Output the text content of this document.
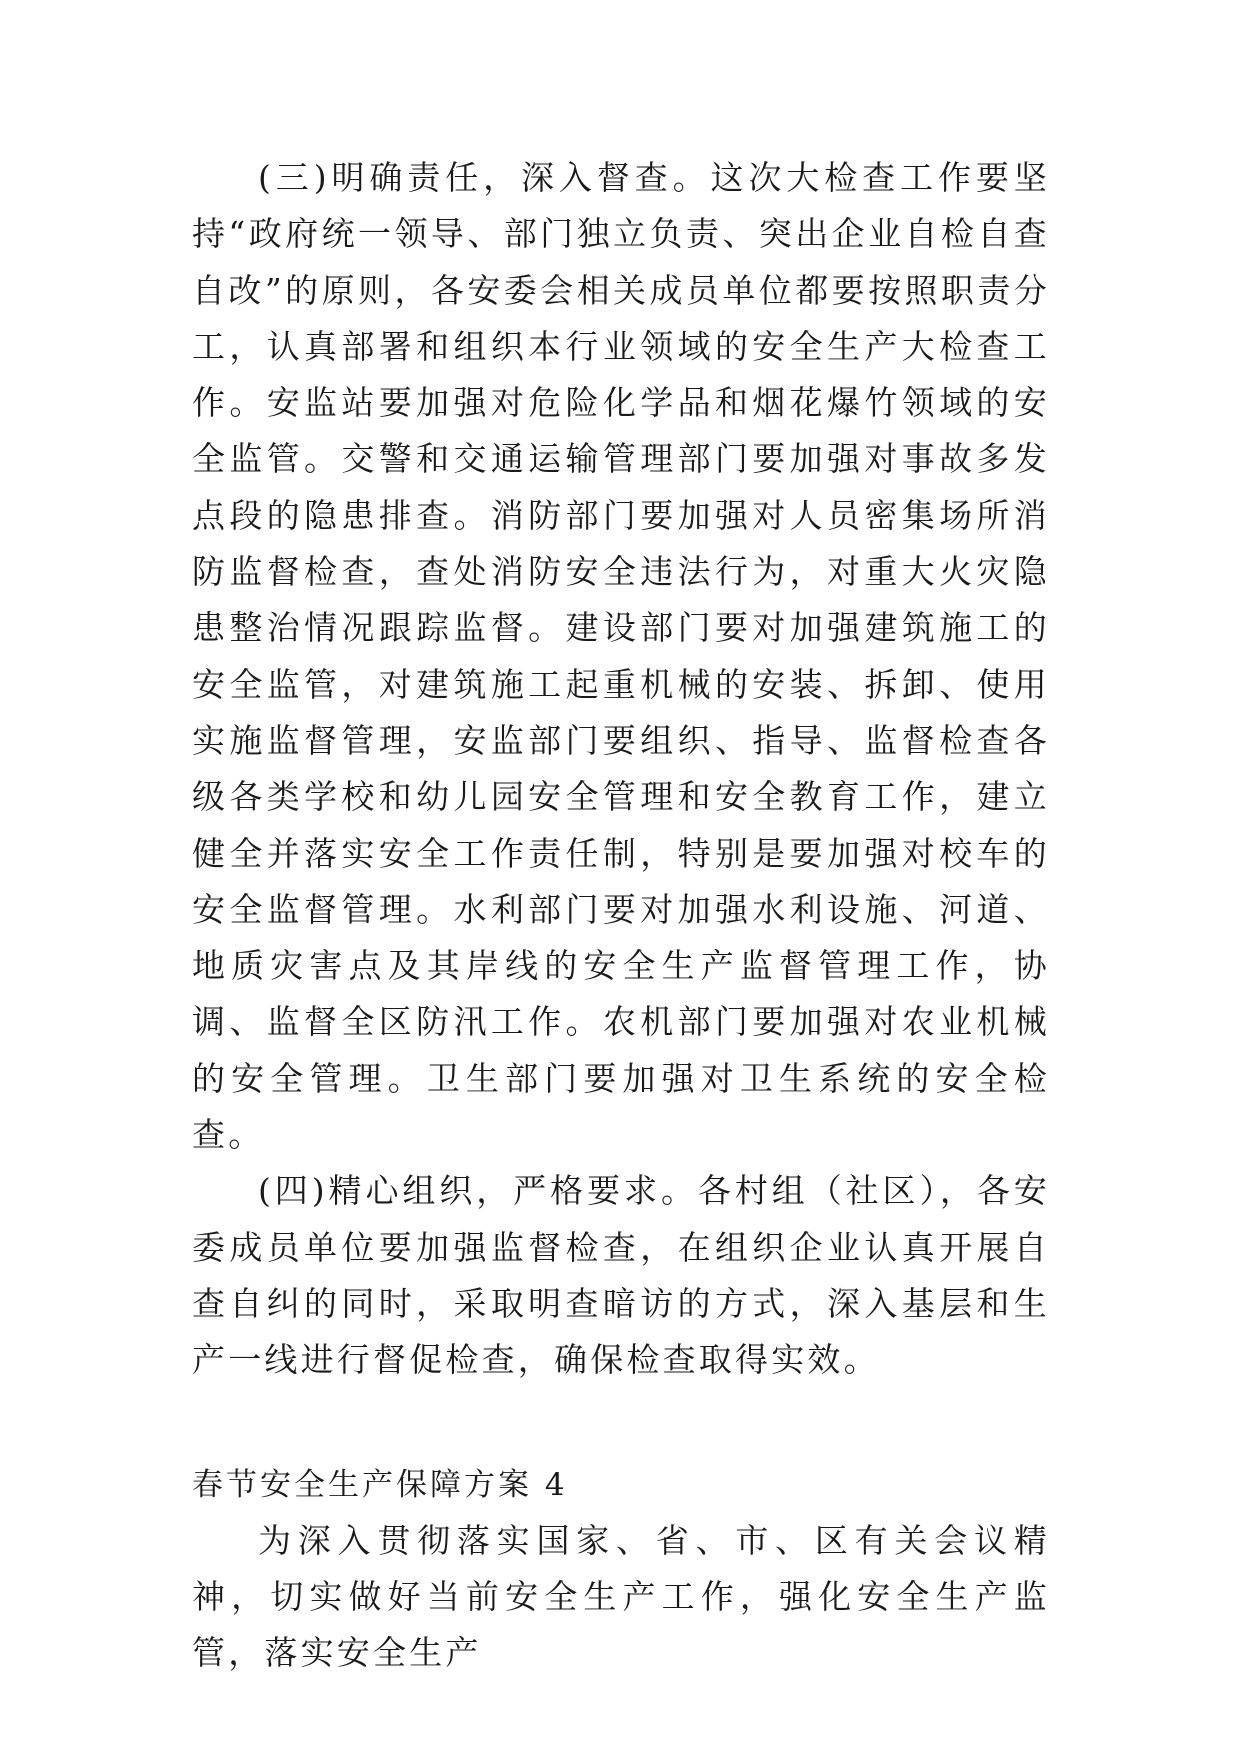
(三)明确责任，深入督查。这次大检查工作要坚持“政府统一领导、部门独立负责、突出企业自检自查自改”的原则，各安委会相关成员单位都要按照职责分工，认真部署和组织本行业领域的安全生产大检查工作。安监站要加强对危险化学品和烟花爆竹领域的安全监管。交警和交通运输管理部门要加强对事故多发点段的隐患排查。消防部门要加强对人员密集场所消防监督检查，查处消防安全违法行为，对重大火灾隐患整治情况跟踪监督。建设部门要对加强建筑施工的安全监管，对建筑施工起重机械的安装、拆卸、使用实施监督管理，安监部门要组织、指导、监督检查各级各类学校和幼儿园安全管理和安全教育工作，建立健全并落实安全工作责任制，特别是要加强对校车的安全监督管理。水利部门要对加强水利设施、河道、地质灾害点及其岸线的安全生产监督管理工作，协调、监督全区防汛工作。农机部门要加强对农业机械的安全管理。卫生部门要加强对卫生系统的安全检查。

(四)精心组织，严格要求。各村组（社区），各安委成员单位要加强监督检查，在组织企业认真开展自查自纠的同时，采取明查暗访的方式，深入基层和生产一线进行督促检查，确保检查取得实效。

春节安全生产保障方案 4

为深入贯彻落实国家、省、市、区有关会议精神，切实做好当前安全生产工作，强化安全生产监管，落实安全生产
